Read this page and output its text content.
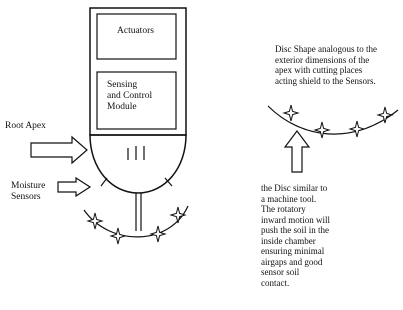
Actuators

Sensing
and Control
Module

Root Apex

Moisture
Sensors

Disc Shape analogous to the
exterior dimensions of the
apex with cutting places
acting shield to the Sensors.

the Disc similar to
a machine tool.
The rotatory
inward motion will
push the soil in the
inside chamber
ensuring minimal
airgaps and good
sensor soil
contact.
